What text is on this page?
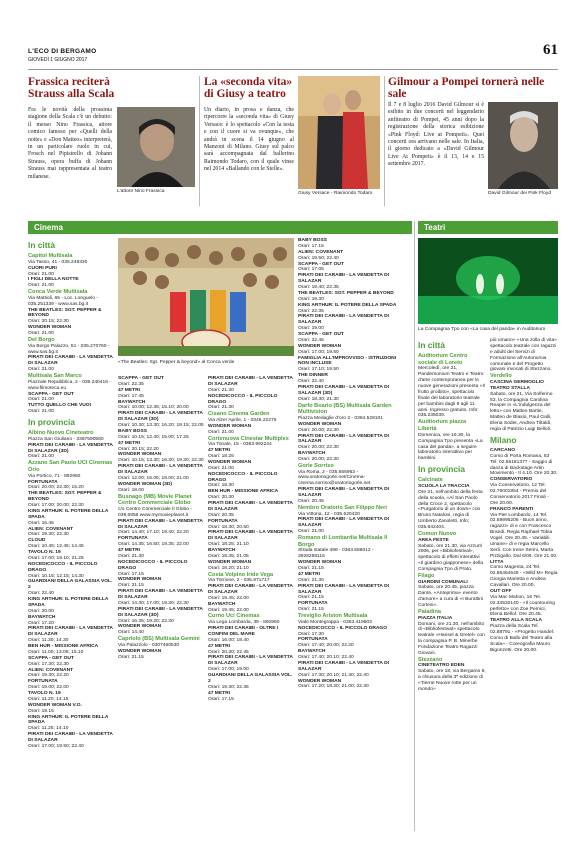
L'ECO DI BERGAMO
GIOVEDÌ 1 GIUGNO 2017
61
Frassica reciterà Strauss alla Scala
Fra le novità della prossima stagione della Scala c'è un debutto: il messo Nino Frassica, attore comico famoso per «Quelli della notte» e «Don Matteo» interpreterà, in un particolare ruolo in cui, Frosch nel Pipistrello di Johann Strauss, opera buffa di Johann Strauss mai rappresentata al teatro milanese.
L'attore Nino Frassica
La «seconda vita» di Giusy a teatro
Un diario, in prosa e danza, che ripercorre la «seconda vita» di Giusy Versace: è lo spettacolo «Con la testa e con il cuore si va ovunque», che andrà in scena il 14 giugno al Manzoni di Milano. Giusy sul palco sarà accompagnata dal ballerino Raimondo Todaro, con il quale vinse nel 2014 «Ballando con le Stelle».
Giusy Versace - Raimondo Todaro
Gilmour a Pompei tornerà nelle sale
Il 7 e 8 luglio 2016 David Gilmour si è esibito in due concerti nel leggendario anfiteatro di Pompei, 45 anni dopo la registrazione della storica esibizione «Pink Floyd: Live at Pompeii». Quei concerti ora arrivano nelle sale. In Italia, il giorno dedicato a «David Gilmour Live At Pompeii» è il 13, 14 e 15 settembre 2017.
David Gilmour dei Pink Floyd
Cinema	Teatri
In città
Capitol Multisala
Via Tasso, 41 - 035.248330
CUORI PURI
Orari: 21.00
I FIGLI DELLA NOTTE
Orari: 21.00
Conca Verde Multisala
Via Mattioli, 65 - Loc. Longuelo - 035.251339 - www.sas.bg.it
THE BEATLES: SGT. PEPPER & BEYOND
Orari: 20.15; 22.30
WONDER WOMAN
Orari: 21.00
Del Borgo
Via Borgo Palazzo, 51 - 035.270760 - www.sas.bg.it
PIRATI DEI CARAIBI - LA VENDETTA DI SALAZAR
Orari: 21.00
Multisala San Marco
Piazzale Repubblica, 2 - 035.240416 - www.filmoteca.eu
SCAPPA - GET OUT
Orari: 21.00
TUTTO QUELLO CHE VUOI
Orari: 21.00
In provincia
Albino Nuovo Cineteatro
Piazza San Giuliano - 3367590560
PIRATI DEI CARAIBI - LA VENDETTA DI SALAZAR (3D)
Orari: 21.00
Azzano San Paolo UCI Cinemas Orio
Via Portico, 71 - 892960
FORTUNATA
Orari: 20.00; 22.30; 15.20
THE BEATLES: SGT. PEPPER & BEYOND
Orari: 17.00; 20.00; 22.30
KING ARTHUR: IL POTERE DELLA SPADA
Orari: 16.45
ALIEN: COVENANT
Orari: 19.30; 22.30
CLOUD
Orari: 10.45; 12.45; 14.45
TAVOLO N. 19
Orari: 17.00; 19.10; 21.25
NOCEDICOCCO - IL PICCOLO DRAGO
Orari: 10.15; 12.15; 14.30
GUARDIANI DELLA GALASSIA VOL. 2
Orari: 22.40
KING ARTHUR: IL POTERE DELLA SPADA
Orari: 20.00
BAYWATCH
Orari: 17.20
PIRATI DEI CARAIBI - LA VENDETTA DI SALAZAR
Orari: 11.30; 14.30
BEN HUR - MISSIONE AFRICA
Orari: 11.00; 13.05; 15.10
SCAPPA - GET OUT
Orari: 17.30; 22.30
ALIEN: COVENANT
Orari: 19.30; 22.20
FORTUNATA
Orari: 19.00; 22.00
TAVOLO N. 19
Orari: 11.20; 14.15
WONDER WOMAN V.O.
Orari: 19.15
KING ARTHUR: IL POTERE DELLA SPADA
Orari: 11.25; 14.10
PIRATI DEI CARAIBI - LA VENDETTA DI SALAZAR
Orari: 17.00; 19.50; 22.40
SCAPPA - GET OUT
Orari: 22.35
47 METRI
Orari: 17.45
BAYWATCH
Orari: 10.00; 12.35; 15.10; 20.00
PIRATI DEI CARAIBI - LA VENDETTA DI SALAZAR (3D)
Orari: 10.30; 13.30; 16.20; 19.15; 22.05
BABY BOSS
Orari: 10.15; 12.40; 15.00; 17.25
47 METRI
Orari: 20.15; 22.20
WONDER WOMAN
Orari: 10.15; 13.30; 16.30; 19.30; 22.30
PIRATI DEI CARAIBI - LA VENDETTA DI SALAZAR
Orari: 12.00; 15.05; 18.00; 21.00
WONDER WOMAN (3D)
Orari: 18.00
Busnago (MB) Movie Planet Centro Commerciale Globo
c/o Centro Commerciale Il Globo - 039.6956 www.mymovieplanet.it
PIRATI DEI CARAIBI - LA VENDETTA DI SALAZAR
Orari: 14.40; 17.10; 19.40; 22.20
FORTUNATA
Orari: 14.35; 16.50; 19.35; 22.00
47 METRI
Orari: 21.30
NOCEDICOCCO - IL PICCOLO DRAGO
Orari: 17.15
WONDER WOMAN
Orari: 21.15
PIRATI DEI CARAIBI - LA VENDETTA DI SALAZAR
Orari: 14.30; 17.00; 19.30; 22.30
PIRATI DEI CARAIBI - LA VENDETTA DI SALAZAR (3D)
Orari: 16.35; 19.20; 22.30
WONDER WOMAN
Orari: 14.40
Capriolo (BS) Multisala Gemini
Via Palazzolo - 0307460530
WONDER WOMAN
Orari: 21.15
PIRATI DEI CARAIBI - LA VENDETTA DI SALAZAR
Orari: 21.30
NOCEDICOCCO - IL PICCOLO DRAGO
Orari: 21.30
Cisano Cinema Garden
Via Alzer Aprile, 1 - 0346.22275
WONDER WOMAN
Orari: 21.00
Cortenuova Cinestar Multiplex
Via Tonale, 15 - 0363.992244
47 METRI
Orari: 18.25
WONDER WOMAN
Orari: 21.00
NOCEDICOCCO - IL PICCOLO DRAGO
Orari: 18.30
BEN HUR - MISSIONE AFRICA
Orari: 20.30
PIRATI DEI CARAIBI - LA VENDETTA DI SALAZAR
Orari: 20.35
FORTUNATA
Orari: 18.30; 20.50
PIRATI DEI CARAIBI - LA VENDETTA DI SALAZAR
Orari: 18.25; 21.10
BAYWATCH
Orari: 18.35; 21.05
WONDER WOMAN
Orari: 18.20; 21.10
Costa Volpino Iride Vega
Via Torrione, 2 - 035.971717
PIRATI DEI CARAIBI - LA VENDETTA DI SALAZAR
Orari: 19.45; 22.00
BAYWATCH
Orari: 19.45; 22.00
Curno Uci Cinemas
Via Lega Lombarda, 39 - 892960
PIRATI DEI CARAIBI - OLTRE I CONFINI DEL MARE
Orari: 16.00; 18.40
47 METRI
Orari: 20.30; 22.45
PIRATI DEI CARAIBI - LA VENDETTA DI SALAZAR
Orari: 17.00; 19.00
GUARDIANI DELLA GALASSIA VOL. 2
Orari: 19.30; 22.35
47 METRI
Orari: 17.15
BABY BOSS
Orari: 17.15
ALIEN: COVENANT
Orari: 19.50; 22.40
SCAPPA - GET OUT
Orari: 17.05
PIRATI DEI CARAIBI - LA VENDETTA DI SALAZAR
Orari: 19.40; 22.35
THE BEATLES: SGT. PEPPER & BEYOND
Orari: 19.30
KING ARTHUR: IL POTERE DELLA SPADA
Orari: 22.35
PIRATI DEI CARAIBI - LA VENDETTA DI SALAZAR
Orari: 19.00
SCAPPA - GET OUT
Orari: 22.45
WONDER WOMAN
Orari: 17.00; 19.50
FAMIGLIA ALL'IMPROVVISO - ISTRUZIONI NON INCLUSE
Orari: 17.10; 19.50
THE DINNER
Orari: 22.40
PIRATI DEI CARAIBI - LA VENDETTA DI SALAZAR (3D)
Orari: 18.30; 21.30
Darfo Boario (BS) Multisala Garden Multivision
Piazza Medaglie d'oro 2 - 0364.529101
WONDER WOMAN
Orari: 20.00; 22.30
PIRATI DEI CARAIBI - LA VENDETTA DI SALAZAR
Orari: 20.00; 22.30
BAYWATCH
Orari: 20.00; 22.30
Gorle Sorriso
Via Roma, 2 - 035.656963 - www.oratoriogorle.net/Cinema-cinema.sorriso@oratoriogorle.net
PIRATI DEI CARAIBI - LA VENDETTA DI SALAZAR
Orari: 20.45
Nembro Oratorio San Filippo Neri
Via Vittoria, 12 - 035.520420
PIRATI DEI CARAIBI - LA VENDETTA DI SALAZAR
Orari: 21.00
Romano di Lombardia Multisala Il Borgo
Strada statale 498 - 0363.688012 - 3928258116
WONDER WOMAN
Orari: 21.15
47 METRI
Orari: 21.30
PIRATI DEI CARAIBI - LA VENDETTA DI SALAZAR
Orari: 21.15
FORTUNATA
Orari: 21.15
Treviglio Ariston Multisala
Viale Montegrappa - 0363.419503
NOCEDICOCCO - IL PICCOLO DRAGO
Orari: 17.30
FORTUNATA
Orari: 17.40; 20.00; 22.20
BAYWATCH
Orari: 17.40; 20.10; 22.40
PIRATI DEI CARAIBI - LA VENDETTA DI SALAZAR
Orari: 17.30; 20.10; 21.30; 22.40
WONDER WOMAN
Orari: 17.20; 18.20; 21.00; 22.30
«The Beatles: Sgt. Pepper & beyond» al Conca verde
La Compagnia Tpo con «La casa del panda» in Auditorium
In città
Auditorium Centro sociale di Loreto
Mercoledì, ore 21, Pandemonium Teatro e Teatro d'arte contemporanea per le nuove generazioni presenta «Il frutto proibito», spettacolo finale del laboratorio teatrale per bambini dagli 8 agli 11 anni. Ingresso gratuito. Info: 035.235039.
Auditorium piazza Libertà
Domenica, ore 16.30, la Compagnia Tpo presenta «La casa del panda», a seguire laboratorio interattivo per bambini.
In provincia
Calcinate
SCUOLA LA TRACCIA
Ore 21, nell'ambito della festa della scuola, «Al San Paolo della Croce 2, spettacolo «Purgatorio di un down» con Bruno Nataloni, regia di Umberto Zanoletti. Info: 035.842404.
Comun Nuovo
AREA FESTE
Sabato, ore 21.30, via Azzurri 2006, per «Bibliofestival», spettacolo di effetti interattivi «Il giardino giapponese» della Compagnia Tpo di Prato.
Filago
GIARDINI COMUNALI
Sabato, ore 20.45, piazza Dante, «Anteprima» evento d'amore» a cura di «I Burattini Cortesi».
Paladina
PIAZZA ITALIA
Domani, ore 21.30, nell'ambito di «Bibliofestival» spettacolo teatrale «Hansel & Gretel» con la compagnia P. B. Minerbe Fondazione Teatro Ragazzi Giovani.
Stezzano
CINETEATRO EDEN
Sabato, ore 18, via Bergamo 9, a chiusura della 3ª edizione di «Tierra! Nuove rotte per un mondo»
più umano» «Una zolla di vita» spettacolo teatrale con ragazzi e adulti dei Servizi di Formazione all'Autonomia comunale e del Progetto giovani invocati di Stezzano.
Verdello
CASCINA GERMOGLIO TEATRO STALLA
Sabato, ore 21, Via Solferino 53, la Compagnia Carolina Reaper in «L'indulgenza del letto» con Matteo Bartie, Matteo de Blasio, Paul Galli, Elena Sodet, Andrea Tiltaldi, regia di Patrizio Luigi Belloli.
Milano
CARCANO
Corso di Porta Romana, 63 Tel. 02.55181377 - Saggio di danza di Backstage Artin Movimento - Il 4.10. Ore 20.30.
CONSERVATORIO
Via Conservatorio, 12 Tel. 02.76001854 - Premio del Conservatorio 2017 Finali - Ore 20.00.
FRANCO PARENTI
Via Pier Lombardo, 14 Tel. 02.59995206 - Buon anno, ragazzi» di e con Francesco Brandi. Regia Raphael Tobia Vogel. Ore 20.45. - Variabili umane» di e regia Marcello Serli. Con Irene Serini, Marta Pizzigallo. Dal 6/06. Ore 21.00.
LITTA
Corso Magenta, 24 Tel. 02.86454545 - «Wild M» Regia Giorgia Marietta e Andrea Cavallari. Ore 20.00.
OUT OFF
Via Mac Mahon, 16 Tel. 02.34532140 - «Il countouring perfetto» con Zoe Pernici, Elena Bellof. Ore 20.45.
TEATRO ALLA SCALA
Piazza della Scala Tel. 02.88791 - «Progetto Handel: Corso di Ballo del Teatro alla Scala» - Coreografia Mauro Bigonzetti. Ore 20.00.
